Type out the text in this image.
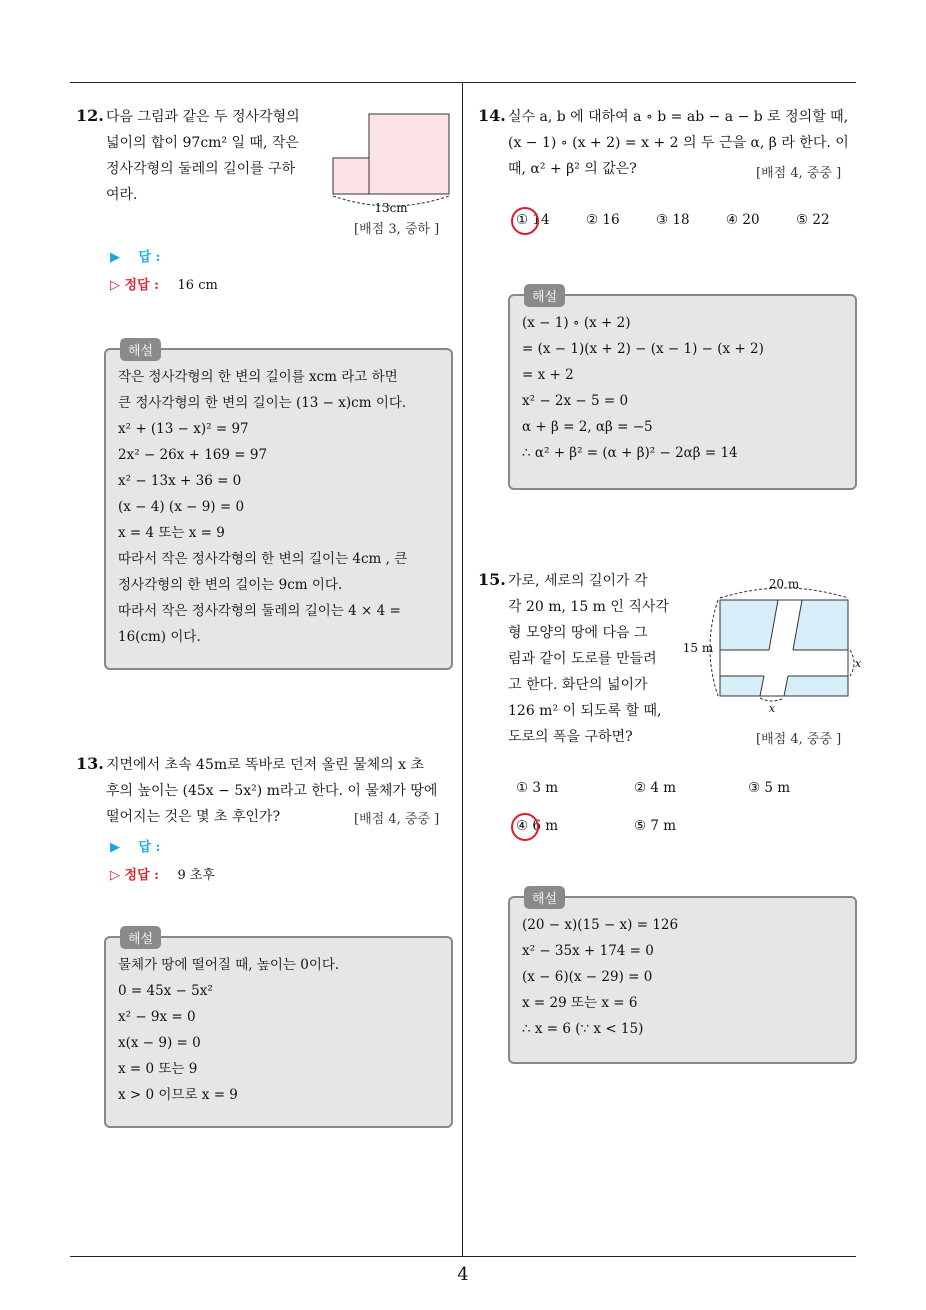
12. 다음 그림과 같은 두 정사각형의
넓이의 합이 97cm² 일 때, 작은
정사각형의 둘레의 길이를 구하
여라.
13cm
[배점 3, 중하 ]
▶ 답 :
▷ 정답 : 16 cm
해설
작은 정사각형의 한 변의 길이를 xcm 라고 하면
큰 정사각형의 한 변의 길이는 (13 − x)cm 이다.
x² + (13 − x)² = 97
2x² − 26x + 169 = 97
x² − 13x + 36 = 0
(x − 4) (x − 9) = 0
x = 4 또는 x = 9
따라서 작은 정사각형의 한 변의 길이는 4cm , 큰
정사각형의 한 변의 길이는 9cm 이다.
따라서 작은 정사각형의 둘레의 길이는 4 × 4 =
16(cm) 이다.
13. 지면에서 초속 45m로 똑바로 던져 올린 물체의 x 초
후의 높이는 (45x − 5x²) m라고 한다. 이 물체가 땅에
떨어지는 것은 몇 초 후인가?	[배점 4, 중중 ]
▶ 답 :
▷ 정답 : 9 초후
해설
물체가 땅에 떨어질 때, 높이는 0이다.
0 = 45x − 5x²
x² − 9x = 0
x(x − 9) = 0
x = 0 또는 9
x > 0 이므로 x = 9
14. 실수 a, b 에 대하여 a ∘ b = ab − a − b 로 정의할 때,
(x − 1) ∘ (x + 2) = x + 2 의 두 근을 α, β 라 한다. 이
때, α² + β² 의 값은?	[배점 4, 중중 ]
① 14	② 16	③ 18	④ 20	⑤ 22
해설
(x − 1) ∘ (x + 2)
= (x − 1)(x + 2) − (x − 1) − (x + 2)
= x + 2
x² − 2x − 5 = 0
α + β = 2, αβ = −5
∴ α² + β² = (α + β)² − 2αβ = 14
15. 가로, 세로의 길이가 각
각 20 m, 15 m 인 직사각
형 모양의 땅에 다음 그
림과 같이 도로를 만들려
고 한다. 화단의 넓이가
126 m² 이 되도록 할 때,
도로의 폭을 구하면?
20 m
15 m
x
x
[배점 4, 중중 ]
① 3 m	② 4 m	③ 5 m
④ 6 m	⑤ 7 m
해설
(20 − x)(15 − x) = 126
x² − 35x + 174 = 0
(x − 6)(x − 29) = 0
x = 29 또는 x = 6
∴ x = 6 (∵ x < 15)
4
